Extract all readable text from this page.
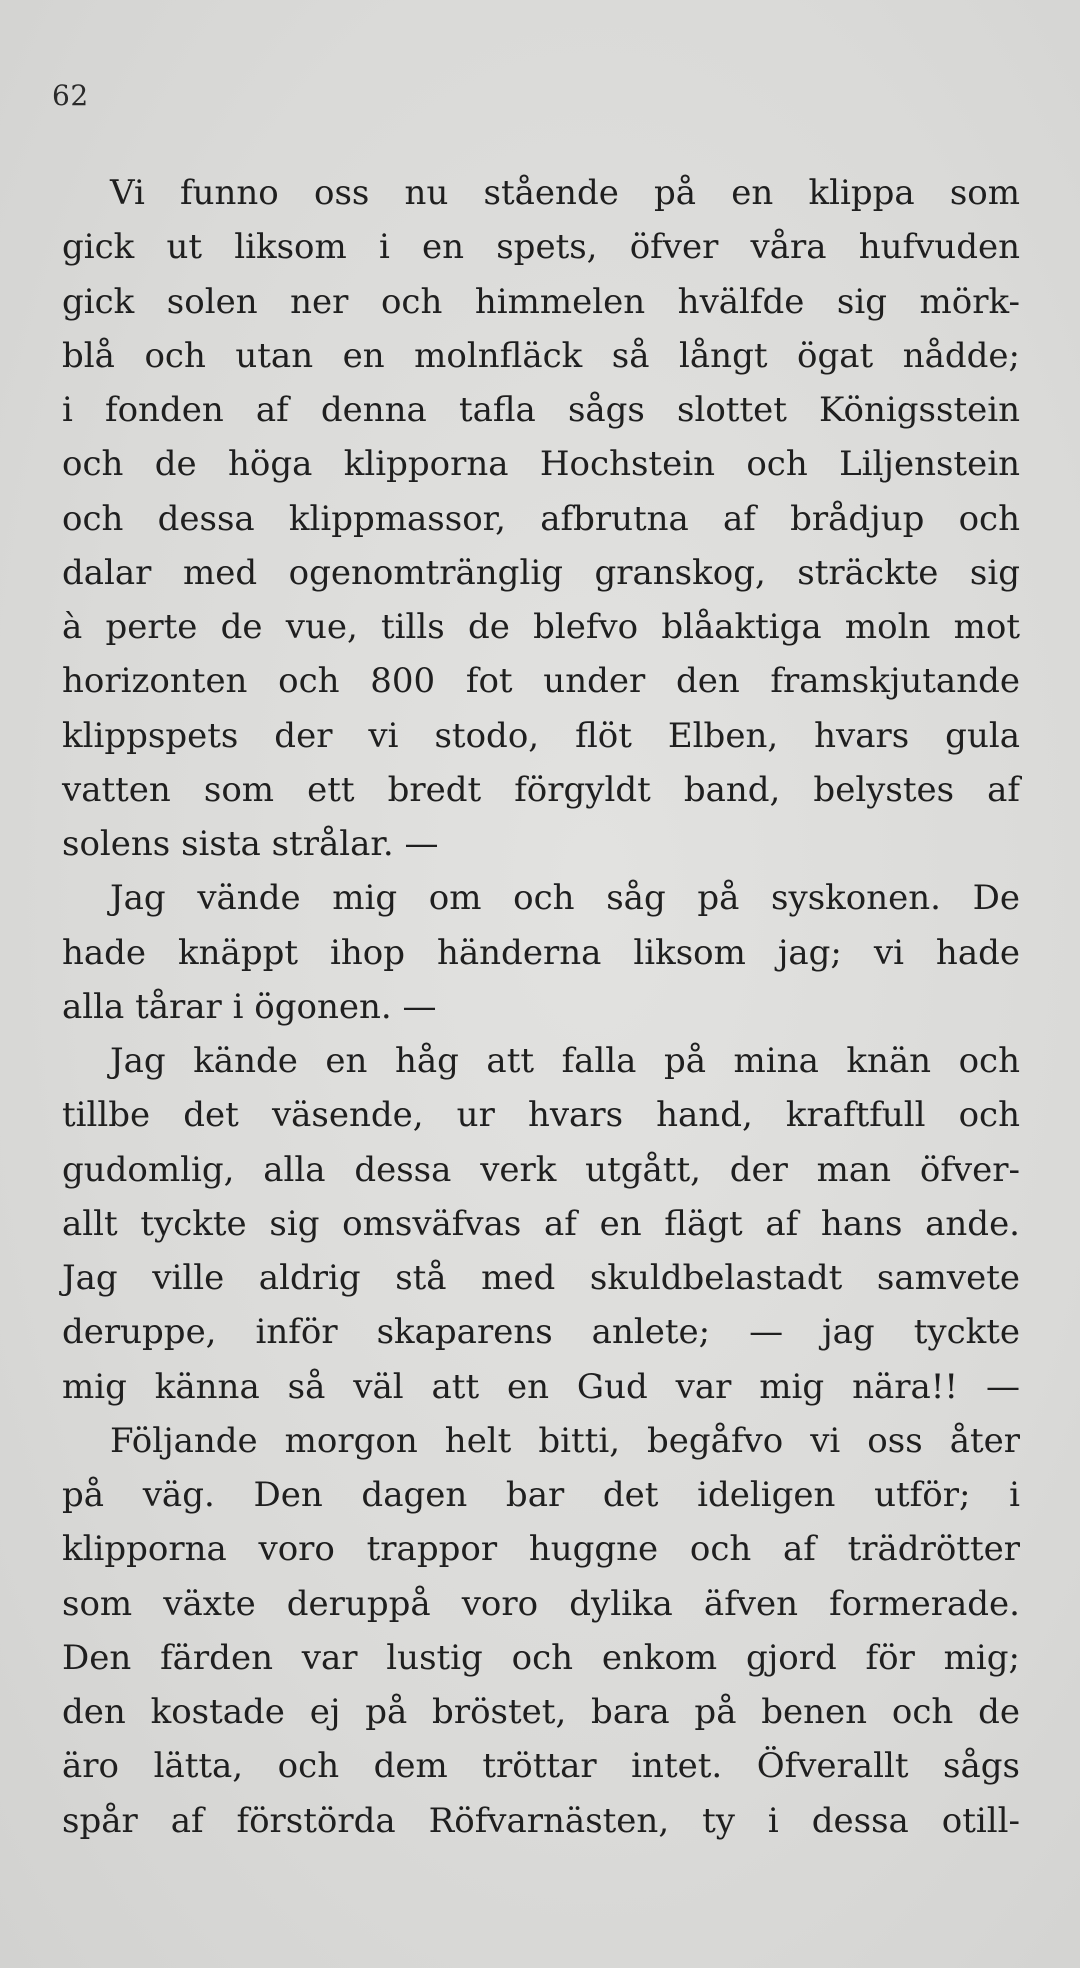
62
Vi funno oss nu stående på en klippa som
gick ut liksom i en spets, öfver våra hufvuden
gick solen ner och himmelen hvälfde sig mörk-
blå och utan en molnfläck så långt ögat nådde;
i fonden af denna tafla sågs slottet Königsstein
och de höga klipporna Hochstein och Liljenstein
och dessa klippmassor, afbrutna af brådjup och
dalar med ogenomtränglig granskog, sträckte sig
à perte de vue, tills de blefvo blåaktiga moln mot
horizonten och 800 fot under den framskjutande
klippspets der vi stodo, flöt Elben, hvars gula
vatten som ett bredt förgyldt band, belystes af
solens sista strålar. —
Jag vände mig om och såg på syskonen. De
hade knäppt ihop händerna liksom jag; vi hade
alla tårar i ögonen. —
Jag kände en håg att falla på mina knän och
tillbe det väsende, ur hvars hand, kraftfull och
gudomlig, alla dessa verk utgått, der man öfver-
allt tyckte sig omsväfvas af en flägt af hans ande.
Jag ville aldrig stå med skuldbelastadt samvete
deruppe, inför skaparens anlete; — jag tyckte
mig känna så väl att en Gud var mig nära!! —
Följande morgon helt bitti, begåfvo vi oss åter
på väg. Den dagen bar det ideligen utför; i
klipporna voro trappor huggne och af trädrötter
som växte deruppå voro dylika äfven formerade.
Den färden var lustig och enkom gjord för mig;
den kostade ej på bröstet, bara på benen och de
äro lätta, och dem tröttar intet. Öfverallt sågs
spår af förstörda Röfvarnästen, ty i dessa otill-
